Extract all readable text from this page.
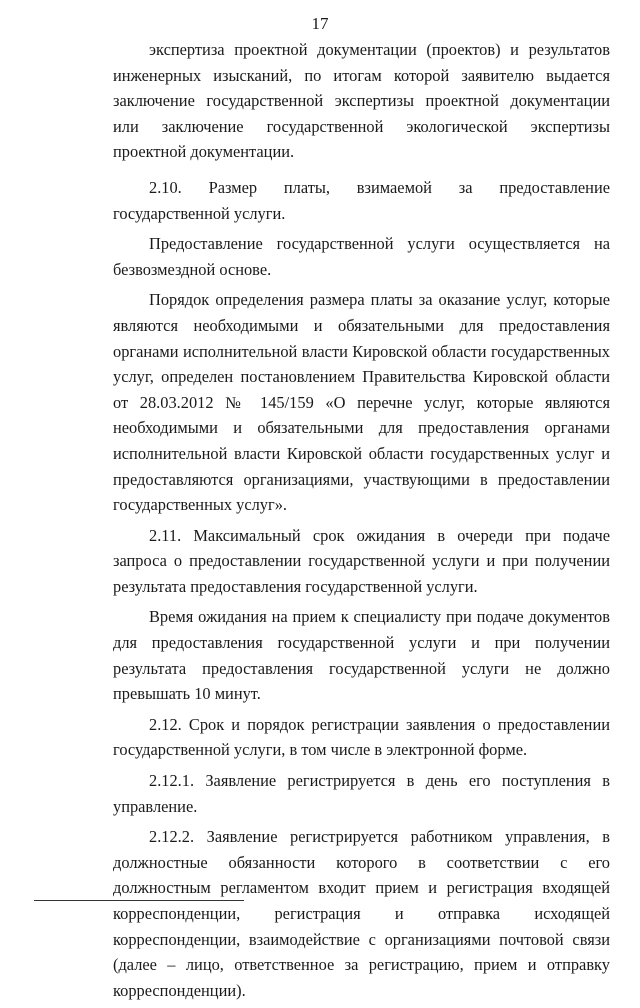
17

экспертиза проектной документации (проектов) и результатов инженерных изысканий, по итогам которой заявителю выдается заключение государственной экспертизы проектной документации или заключение государственной экологической экспертизы проектной документации.

2.10. Размер платы, взимаемой за предоставление государственной услуги.

Предоставление государственной услуги осуществляется на безвозмездной основе.

Порядок определения размера платы за оказание услуг, которые являются необходимыми и обязательными для предоставления органами исполнительной власти Кировской области государственных услуг, определен постановлением Правительства Кировской области от 28.03.2012 № 145/159 «О перечне услуг, которые являются необходимыми и обязательными для предоставления органами исполнительной власти Кировской области государственных услуг и предоставляются организациями, участвующими в предоставлении государственных услуг».

2.11. Максимальный срок ожидания в очереди при подаче запроса о предоставлении государственной услуги и при получении результата предоставления государственной услуги.

Время ожидания на прием к специалисту при подаче документов для предоставления государственной услуги и при получении результата предоставления государственной услуги не должно превышать 10 минут.

2.12. Срок и порядок регистрации заявления о предоставлении государственной услуги, в том числе в электронной форме.

2.12.1. Заявление регистрируется в день его поступления в управление.

2.12.2. Заявление регистрируется работником управления, в должностные обязанности которого в соответствии с его должностным регламентом входит прием и регистрация входящей корреспонденции, регистрация и отправка исходящей корреспонденции, взаимодействие с организациями почтовой связи (далее – лицо, ответственное за регистрацию, прием и отправку корреспонденции).
